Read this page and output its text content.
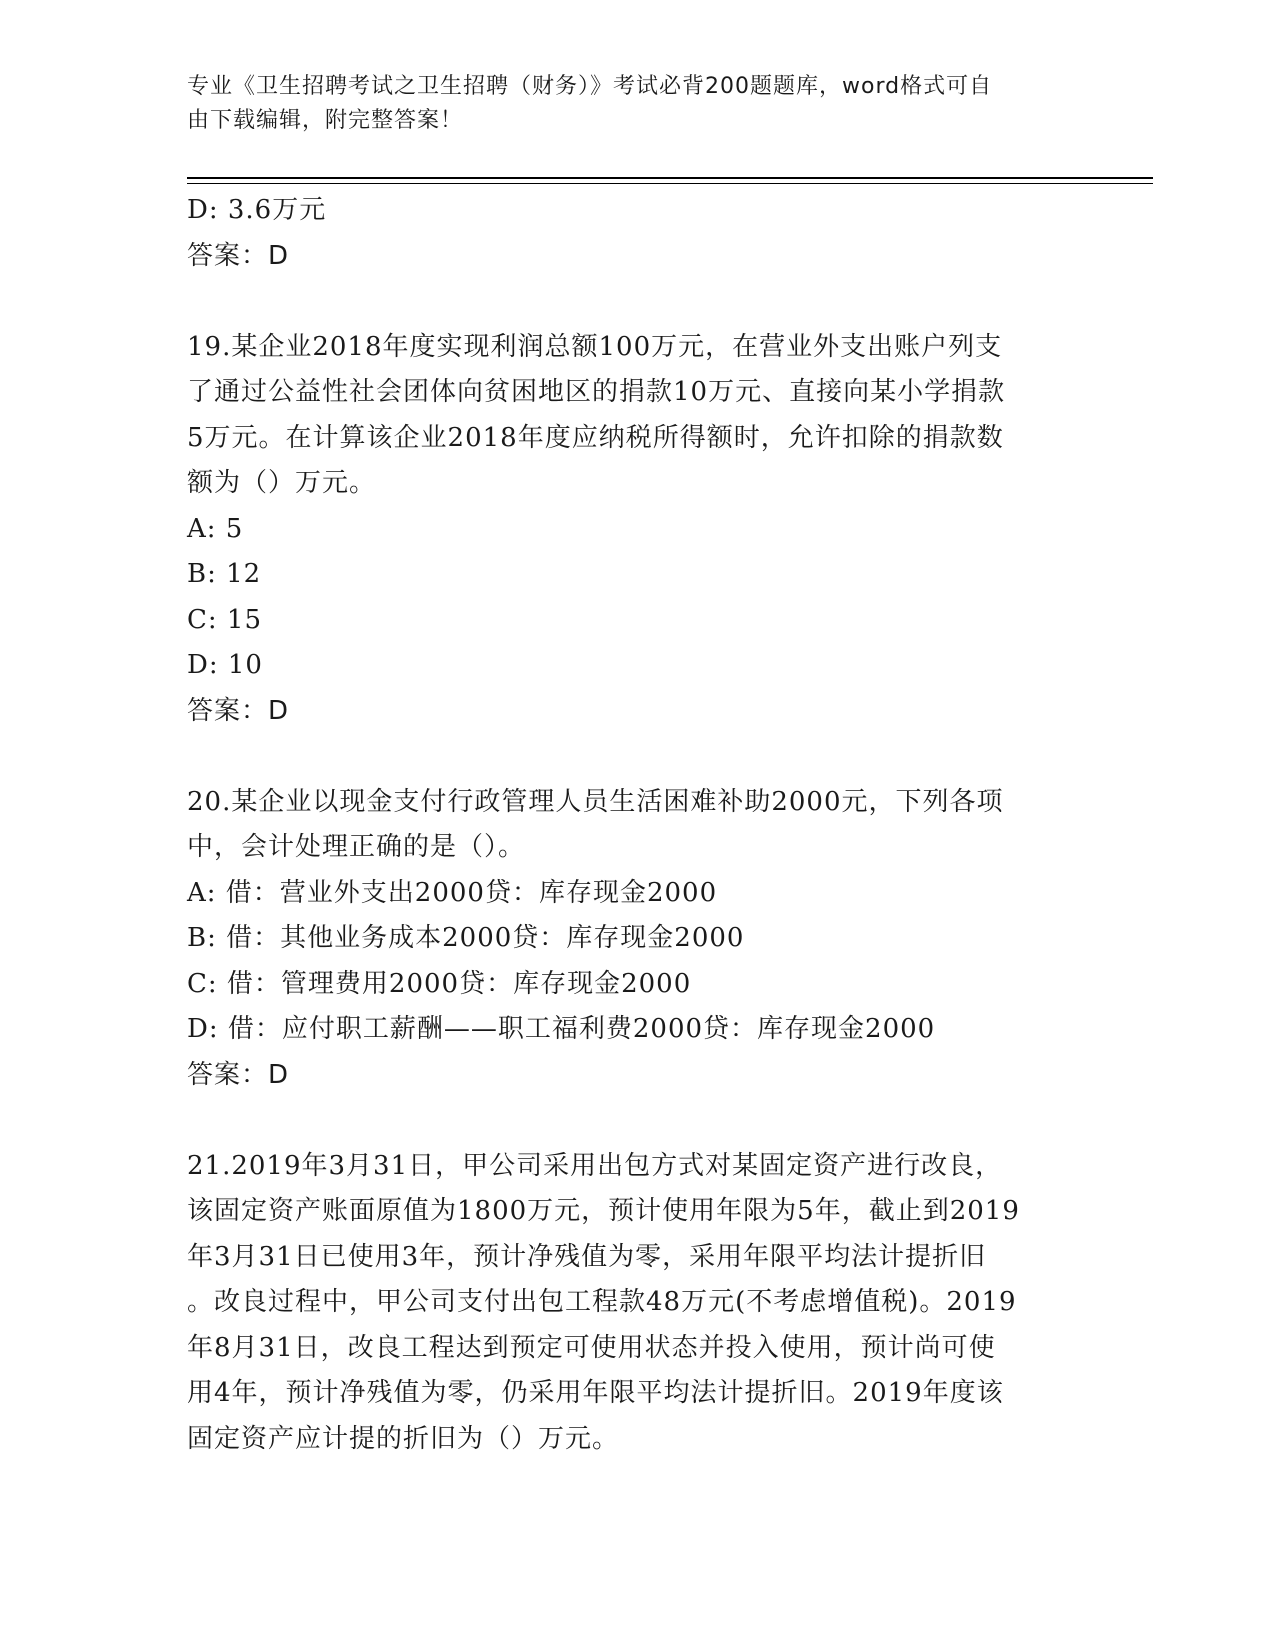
专业《卫生招聘考试之卫生招聘（财务）》考试必背200题题库，word格式可自
由下载编辑，附完整答案！
D: 3.6万元
答案：D
19.某企业2018年度实现利润总额100万元，在营业外支出账户列支
了通过公益性社会团体向贫困地区的捐款10万元、直接向某小学捐款
5万元。在计算该企业2018年度应纳税所得额时，允许扣除的捐款数
额为（）万元。
A: 5
B: 12
C: 15
D: 10
答案：D
20.某企业以现金支付行政管理人员生活困难补助2000元，下列各项
中，会计处理正确的是（）。
A: 借：营业外支出2000贷：库存现金2000
B: 借：其他业务成本2000贷：库存现金2000
C: 借：管理费用2000贷：库存现金2000
D: 借：应付职工薪酬——职工福利费2000贷：库存现金2000
答案：D
21.2019年3月31日，甲公司采用出包方式对某固定资产进行改良，
该固定资产账面原值为1800万元，预计使用年限为5年，截止到2019
年3月31日已使用3年，预计净残值为零，采用年限平均法计提折旧
。改良过程中，甲公司支付出包工程款48万元(不考虑增值税)。2019
年8月31日，改良工程达到预定可使用状态并投入使用，预计尚可使
用4年，预计净残值为零，仍采用年限平均法计提折旧。2019年度该
固定资产应计提的折旧为（）万元。
